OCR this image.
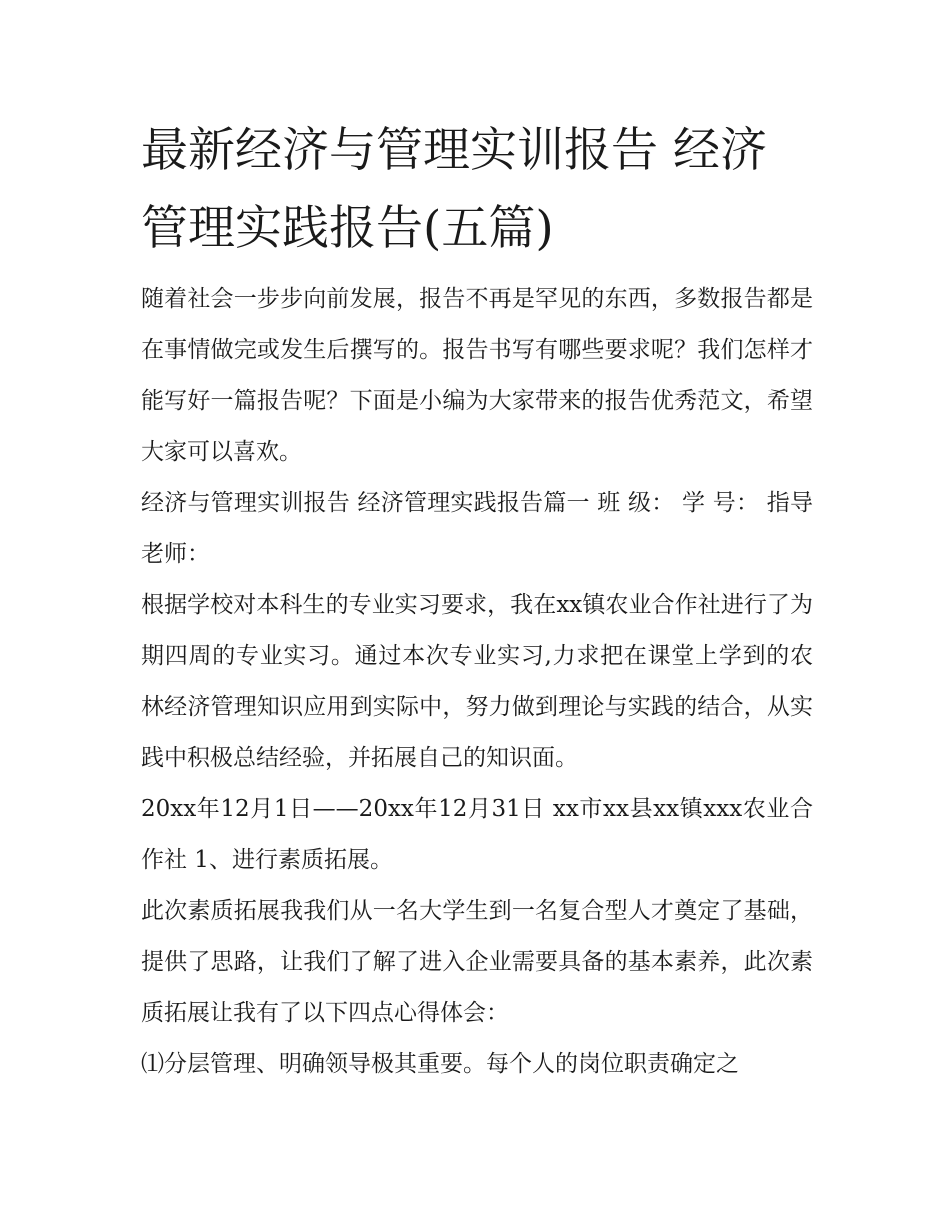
最新经济与管理实训报告 经济管理实践报告(五篇)

随着社会一步步向前发展，报告不再是罕见的东西，多数报告都是在事情做完或发生后撰写的。报告书写有哪些要求呢？我们怎样才能写好一篇报告呢？下面是小编为大家带来的报告优秀范文，希望大家可以喜欢。

经济与管理实训报告 经济管理实践报告篇一 班 级： 学 号： 指导老师：

根据学校对本科生的专业实习要求，我在xx镇农业合作社进行了为期四周的专业实习。通过本次专业实习,力求把在课堂上学到的农林经济管理知识应用到实际中，努力做到理论与实践的结合，从实践中积极总结经验，并拓展自己的知识面。

20xx年12月1日——20xx年12月31日 xx市xx县xx镇xxx农业合作社 1、进行素质拓展。

此次素质拓展我我们从一名大学生到一名复合型人才奠定了基础，提供了思路，让我们了解了进入企业需要具备的基本素养，此次素质拓展让我有了以下四点心得体会：

⑴分层管理、明确领导极其重要。每个人的岗位职责确定之
